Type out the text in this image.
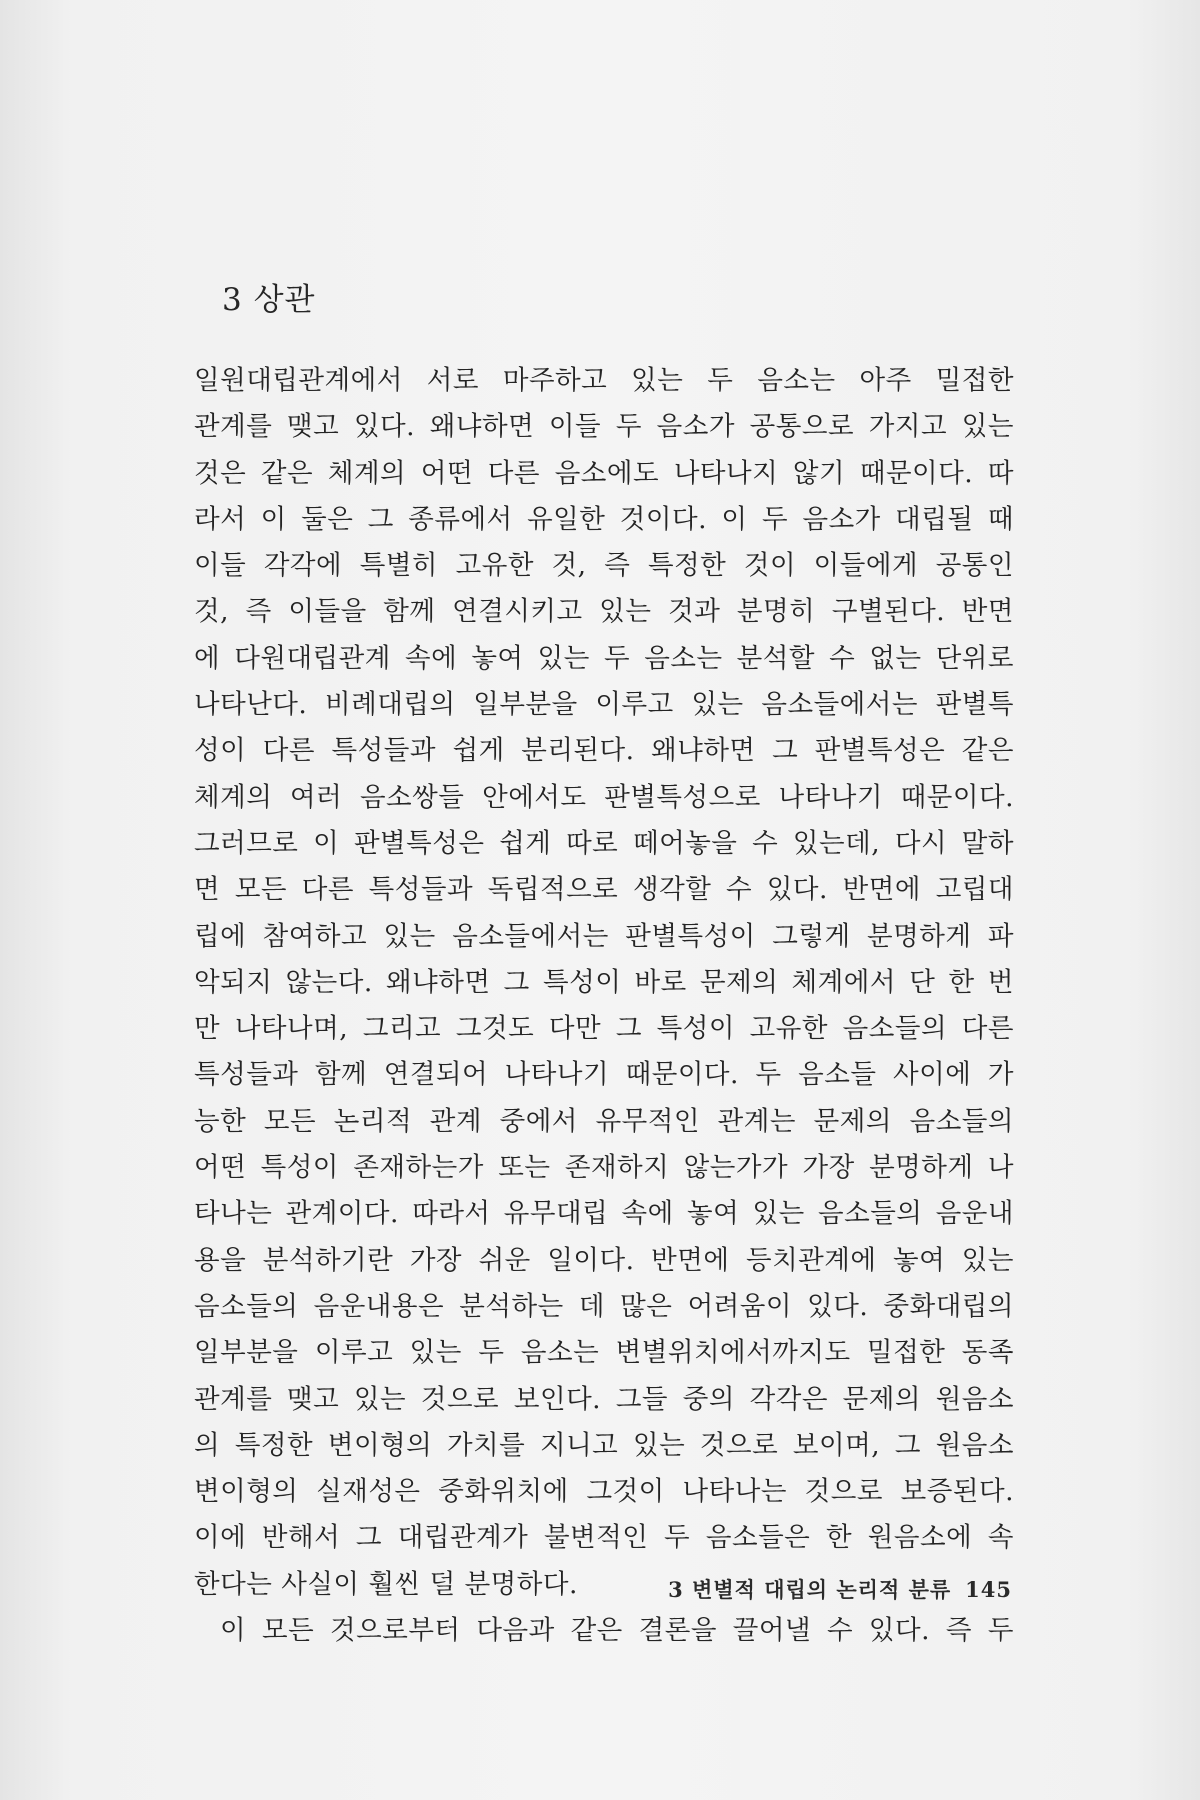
3 상관
일원대립관계에서 서로 마주하고 있는 두 음소는 아주 밀접한
관계를 맺고 있다. 왜냐하면 이들 두 음소가 공통으로 가지고 있는
것은 같은 체계의 어떤 다른 음소에도 나타나지 않기 때문이다. 따
라서 이 둘은 그 종류에서 유일한 것이다. 이 두 음소가 대립될 때
이들 각각에 특별히 고유한 것, 즉 특정한 것이 이들에게 공통인
것, 즉 이들을 함께 연결시키고 있는 것과 분명히 구별된다. 반면
에 다원대립관계 속에 놓여 있는 두 음소는 분석할 수 없는 단위로
나타난다. 비례대립의 일부분을 이루고 있는 음소들에서는 판별특
성이 다른 특성들과 쉽게 분리된다. 왜냐하면 그 판별특성은 같은
체계의 여러 음소쌍들 안에서도 판별특성으로 나타나기 때문이다.
그러므로 이 판별특성은 쉽게 따로 떼어놓을 수 있는데, 다시 말하
면 모든 다른 특성들과 독립적으로 생각할 수 있다. 반면에 고립대
립에 참여하고 있는 음소들에서는 판별특성이 그렇게 분명하게 파
악되지 않는다. 왜냐하면 그 특성이 바로 문제의 체계에서 단 한 번
만 나타나며, 그리고 그것도 다만 그 특성이 고유한 음소들의 다른
특성들과 함께 연결되어 나타나기 때문이다. 두 음소들 사이에 가
능한 모든 논리적 관계 중에서 유무적인 관계는 문제의 음소들의
어떤 특성이 존재하는가 또는 존재하지 않는가가 가장 분명하게 나
타나는 관계이다. 따라서 유무대립 속에 놓여 있는 음소들의 음운내
용을 분석하기란 가장 쉬운 일이다. 반면에 등치관계에 놓여 있는
음소들의 음운내용은 분석하는 데 많은 어려움이 있다. 중화대립의
일부분을 이루고 있는 두 음소는 변별위치에서까지도 밀접한 동족
관계를 맺고 있는 것으로 보인다. 그들 중의 각각은 문제의 원음소
의 특정한 변이형의 가치를 지니고 있는 것으로 보이며, 그 원음소
변이형의 실재성은 중화위치에 그것이 나타나는 것으로 보증된다.
이에 반해서 그 대립관계가 불변적인 두 음소들은 한 원음소에 속
한다는 사실이 훨씬 덜 분명하다.
이 모든 것으로부터 다음과 같은 결론을 끌어낼 수 있다. 즉 두
3 변별적 대립의 논리적 분류 145
